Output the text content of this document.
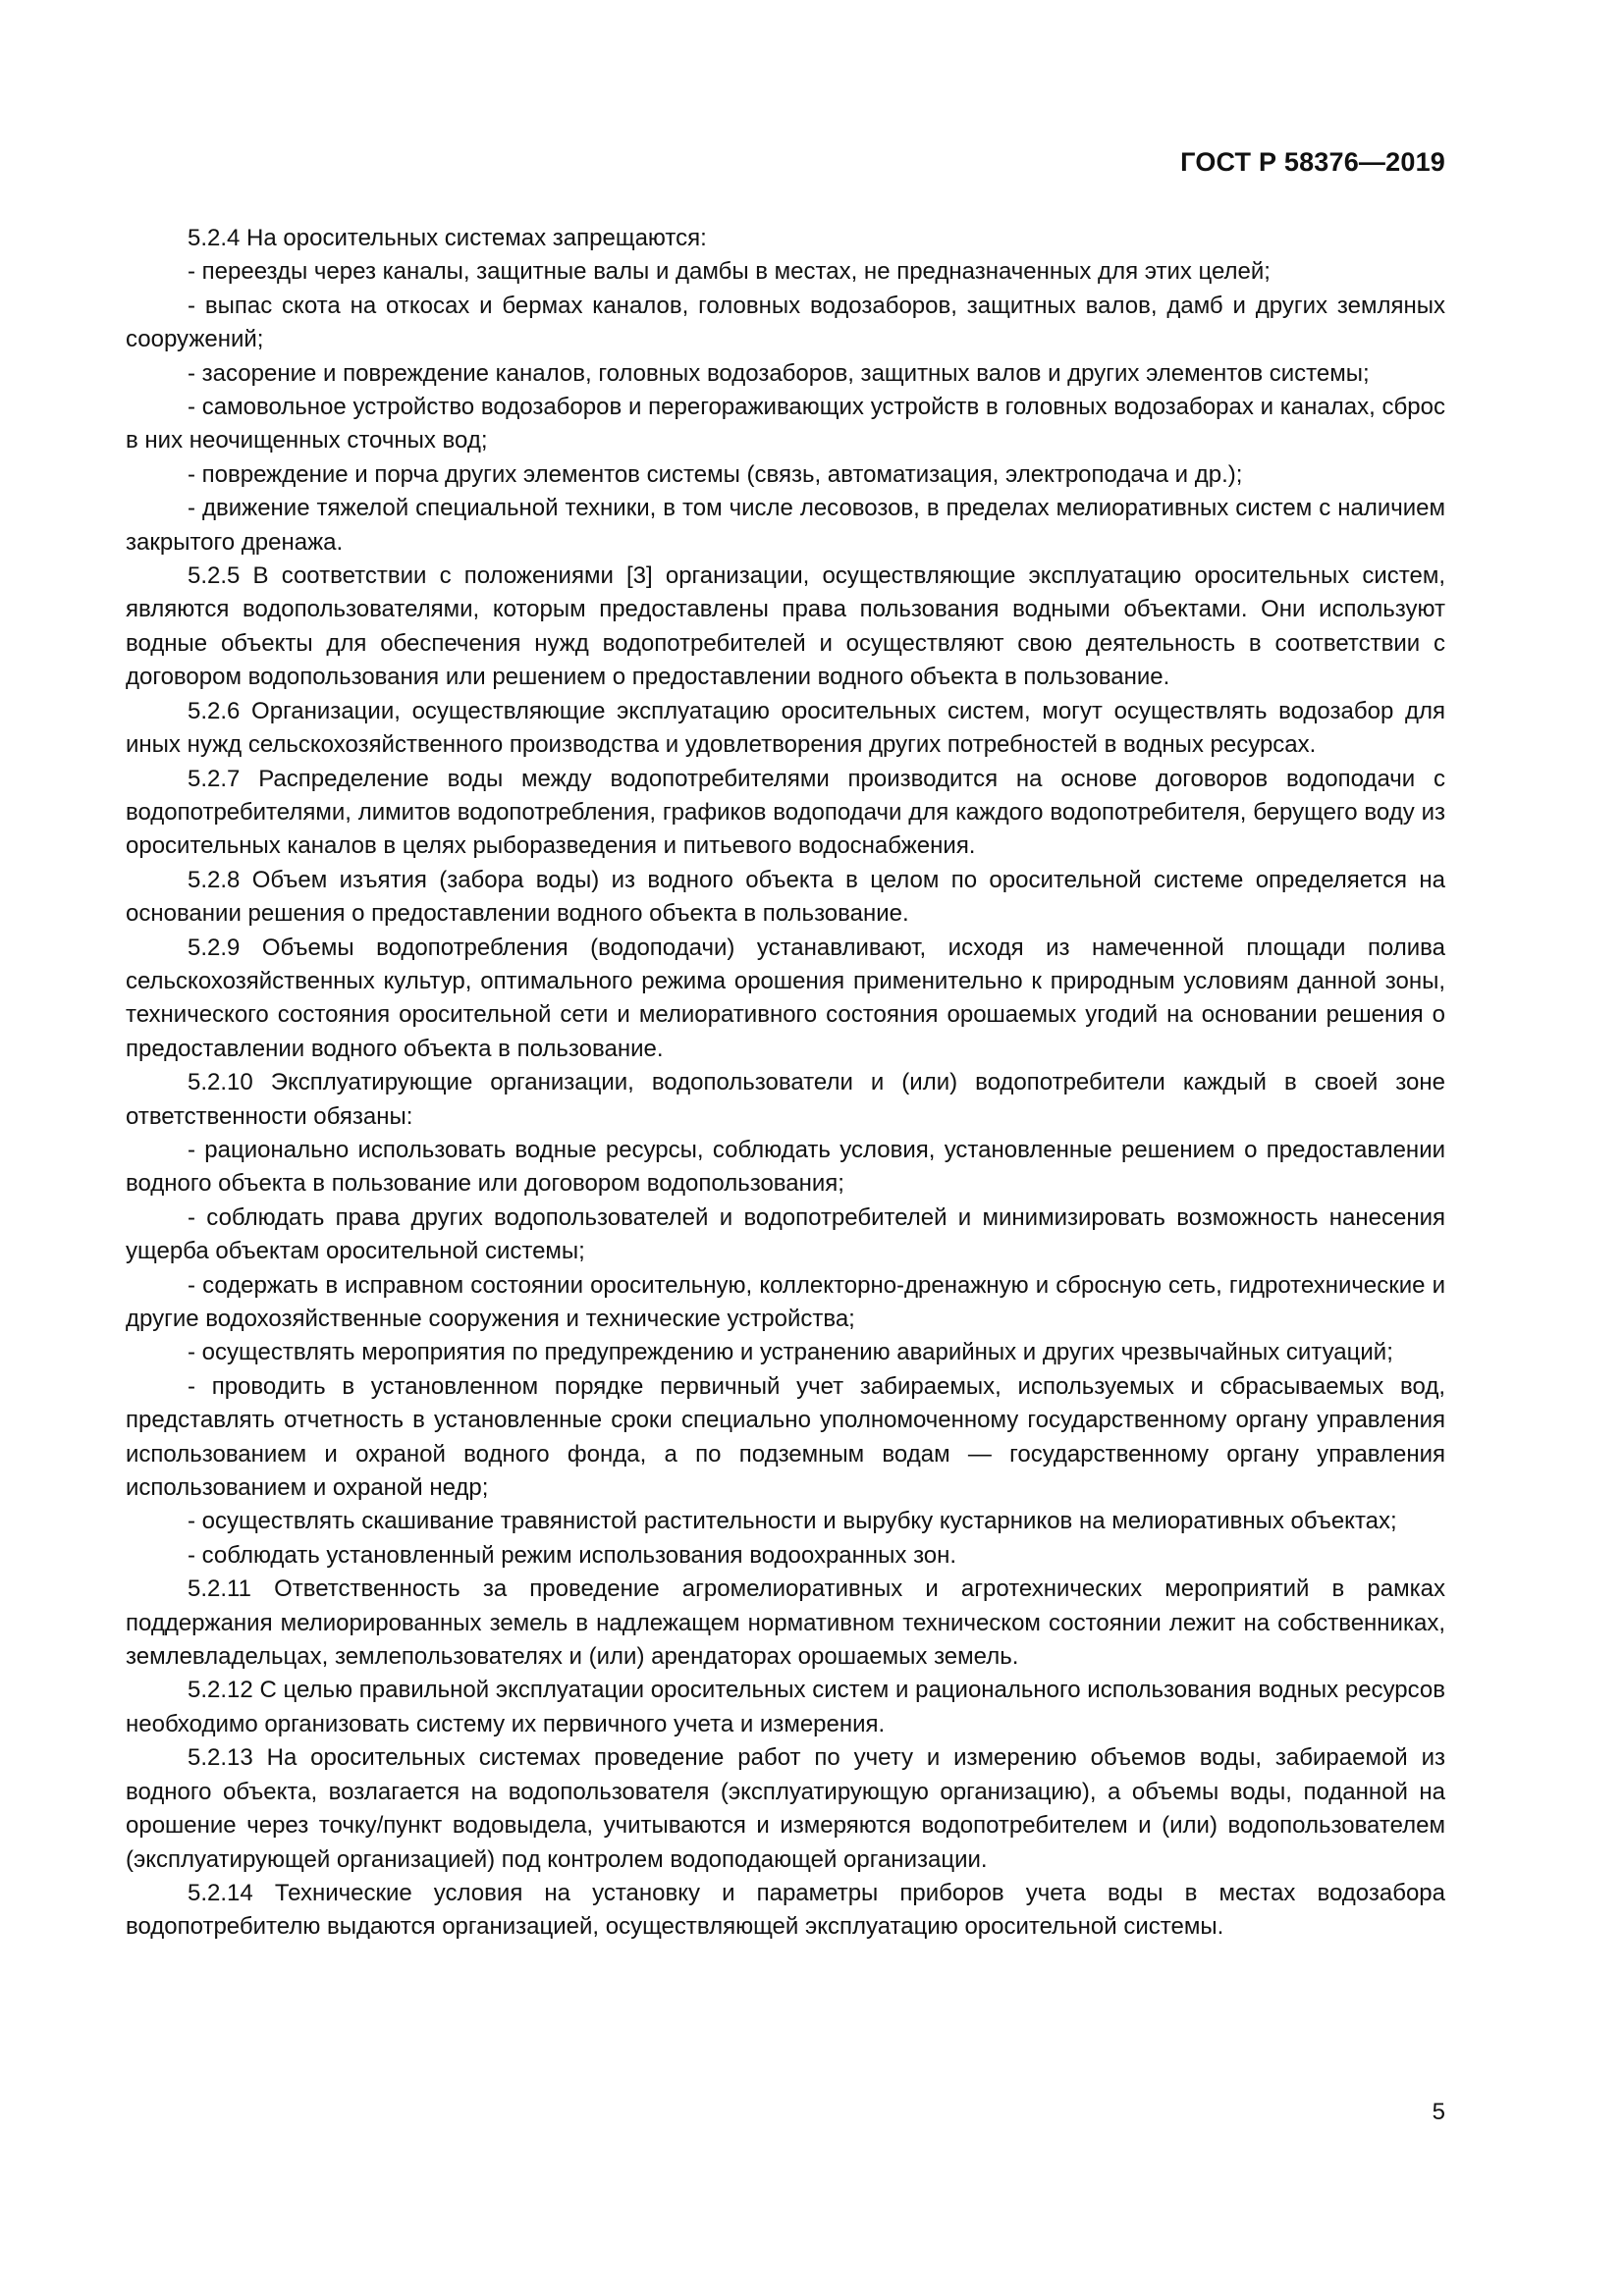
ГОСТ Р 58376—2019

5.2.4 На оросительных системах запрещаются:

- переезды через каналы, защитные валы и дамбы в местах, не предназначенных для этих целей;

- выпас скота на откосах и бермах каналов, головных водозаборов, защитных валов, дамб и других земляных сооружений;

- засорение и повреждение каналов, головных водозаборов, защитных валов и других элементов системы;

- самовольное устройство водозаборов и перегораживающих устройств в головных водозаборах и каналах, сброс в них неочищенных сточных вод;

- повреждение и порча других элементов системы (связь, автоматизация, электроподача и др.);

- движение тяжелой специальной техники, в том числе лесовозов, в пределах мелиоративных систем с наличием закрытого дренажа.

5.2.5 В соответствии с положениями [3] организации, осуществляющие эксплуатацию оросительных систем, являются водопользователями, которым предоставлены права пользования водными объектами. Они используют водные объекты для обеспечения нужд водопотребителей и осуществляют свою деятельность в соответствии с договором водопользования или решением о предоставлении водного объекта в пользование.

5.2.6 Организации, осуществляющие эксплуатацию оросительных систем, могут осуществлять водозабор для иных нужд сельскохозяйственного производства и удовлетворения других потребностей в водных ресурсах.

5.2.7 Распределение воды между водопотребителями производится на основе договоров водоподачи с водопотребителями, лимитов водопотребления, графиков водоподачи для каждого водопотребителя, берущего воду из оросительных каналов в целях рыборазведения и питьевого водоснабжения.

5.2.8 Объем изъятия (забора воды) из водного объекта в целом по оросительной системе определяется на основании решения о предоставлении водного объекта в пользование.

5.2.9 Объемы водопотребления (водоподачи) устанавливают, исходя из намеченной площади полива сельскохозяйственных культур, оптимального режима орошения применительно к природным условиям данной зоны, технического состояния оросительной сети и мелиоративного состояния орошаемых угодий на основании решения о предоставлении водного объекта в пользование.

5.2.10 Эксплуатирующие организации, водопользователи и (или) водопотребители каждый в своей зоне ответственности обязаны:

- рационально использовать водные ресурсы, соблюдать условия, установленные решением о предоставлении водного объекта в пользование или договором водопользования;

- соблюдать права других водопользователей и водопотребителей и минимизировать возможность нанесения ущерба объектам оросительной системы;

- содержать в исправном состоянии оросительную, коллекторно-дренажную и сбросную сеть, гидротехнические и другие водохозяйственные сооружения и технические устройства;

- осуществлять мероприятия по предупреждению и устранению аварийных и других чрезвычайных ситуаций;

- проводить в установленном порядке первичный учет забираемых, используемых и сбрасываемых вод, представлять отчетность в установленные сроки специально уполномоченному государственному органу управления использованием и охраной водного фонда, а по подземным водам — государственному органу управления использованием и охраной недр;

- осуществлять скашивание травянистой растительности и вырубку кустарников на мелиоративных объектах;

- соблюдать установленный режим использования водоохранных зон.

5.2.11 Ответственность за проведение агромелиоративных и агротехнических мероприятий в рамках поддержания мелиорированных земель в надлежащем нормативном техническом состоянии лежит на собственниках, землевладельцах, землепользователях и (или) арендаторах орошаемых земель.

5.2.12 С целью правильной эксплуатации оросительных систем и рационального использования водных ресурсов необходимо организовать систему их первичного учета и измерения.

5.2.13 На оросительных системах проведение работ по учету и измерению объемов воды, забираемой из водного объекта, возлагается на водопользователя (эксплуатирующую организацию), а объемы воды, поданной на орошение через точку/пункт водовыдела, учитываются и измеряются водопотребителем и (или) водопользователем (эксплуатирующей организацией) под контролем водоподающей организации.

5.2.14 Технические условия на установку и параметры приборов учета воды в местах водозабора водопотребителю выдаются организацией, осуществляющей эксплуатацию оросительной системы.

5
